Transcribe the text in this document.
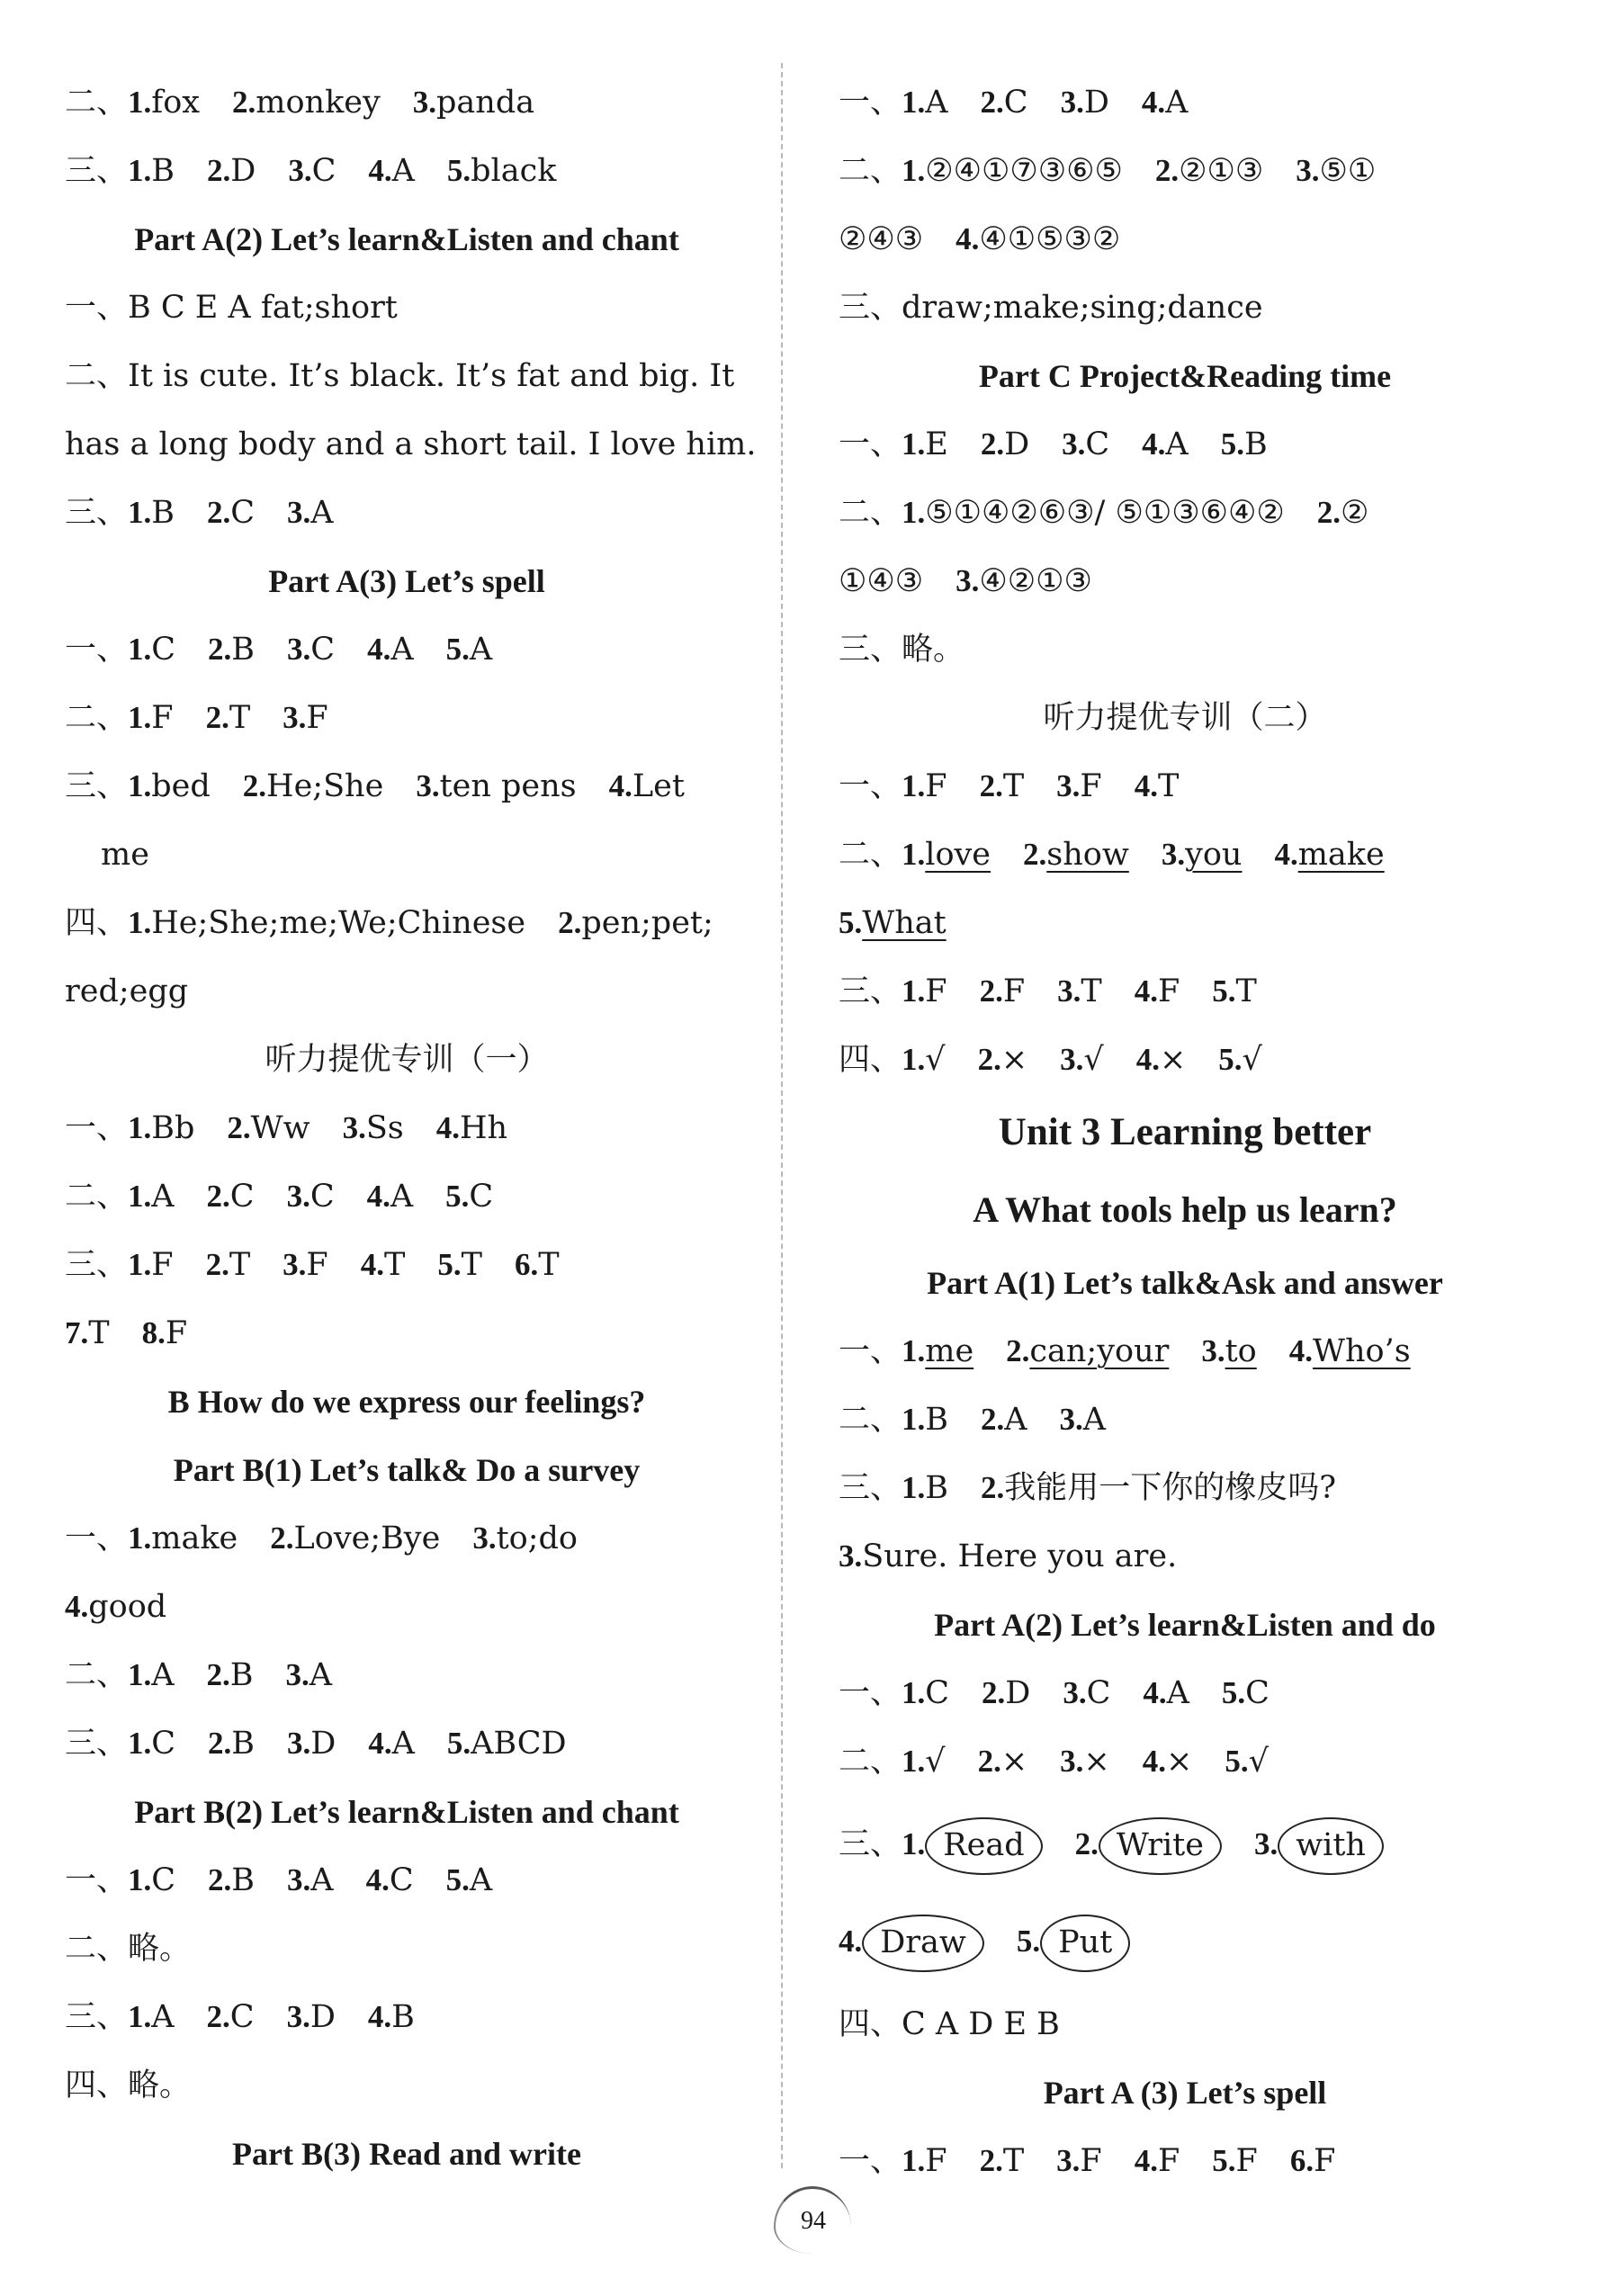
二、1.fox 2.monkey 3.panda
三、1.B 2.D 3.C 4.A 5.black
Part A(2) Let’s learn&Listen and chant
一、B C E A fat;short
二、It is cute. It’s black. It’s fat and big. It
has a long body and a short tail. I love him.
三、1.B 2.C 3.A
Part A(3) Let’s spell
一、1.C 2.B 3.C 4.A 5.A
二、1.F 2.T 3.F
三、1.bed 2.He;She 3.ten pens 4.Let
me
四、1.He;She;me;We;Chinese 2.pen;pet;
red;egg
听力提优专训（一）
一、1.Bb 2.Ww 3.Ss 4.Hh
二、1.A 2.C 3.C 4.A 5.C
三、1.F 2.T 3.F 4.T 5.T 6.T
7.T 8.F
B How do we express our feelings?
Part B(1) Let’s talk& Do a survey
一、1.make 2.Love;Bye 3.to;do
4.good
二、1.A 2.B 3.A
三、1.C 2.B 3.D 4.A 5.ABCD
Part B(2) Let’s learn&Listen and chant
一、1.C 2.B 3.A 4.C 5.A
二、略。
三、1.A 2.C 3.D 4.B
四、略。
Part B(3) Read and write
一、1.A 2.C 3.D 4.A
二、1.②④①⑦③⑥⑤ 2.②①③ 3.⑤①
②④③ 4.④①⑤③②
三、draw;make;sing;dance
Part C Project&Reading time
一、1.E 2.D 3.C 4.A 5.B
二、1.⑤①④②⑥③/ ⑤①③⑥④② 2.②
①④③ 3.④②①③
三、略。
听力提优专训（二）
一、1.F 2.T 3.F 4.T
二、1.love 2.show 3.you 4.make
5.What
三、1.F 2.F 3.T 4.F 5.T
四、1.√ 2.× 3.√ 4.× 5.√
Unit 3 Learning better
A What tools help us learn?
Part A(1) Let’s talk&Ask and answer
一、1.me 2.can;your 3.to 4.Who’s
二、1.B 2.A 3.A
三、1.B 2.我能用一下你的橡皮吗?
3.Sure. Here you are.
Part A(2) Let’s learn&Listen and do
一、1.C 2.D 3.C 4.A 5.C
二、1.√ 2.× 3.× 4.× 5.√
三、1. Read 2. Write 3. with
4. Draw 5. Put
四、C A D E B
Part A (3) Let’s spell
一、1.F 2.T 3.F 4.F 5.F 6.F
94
